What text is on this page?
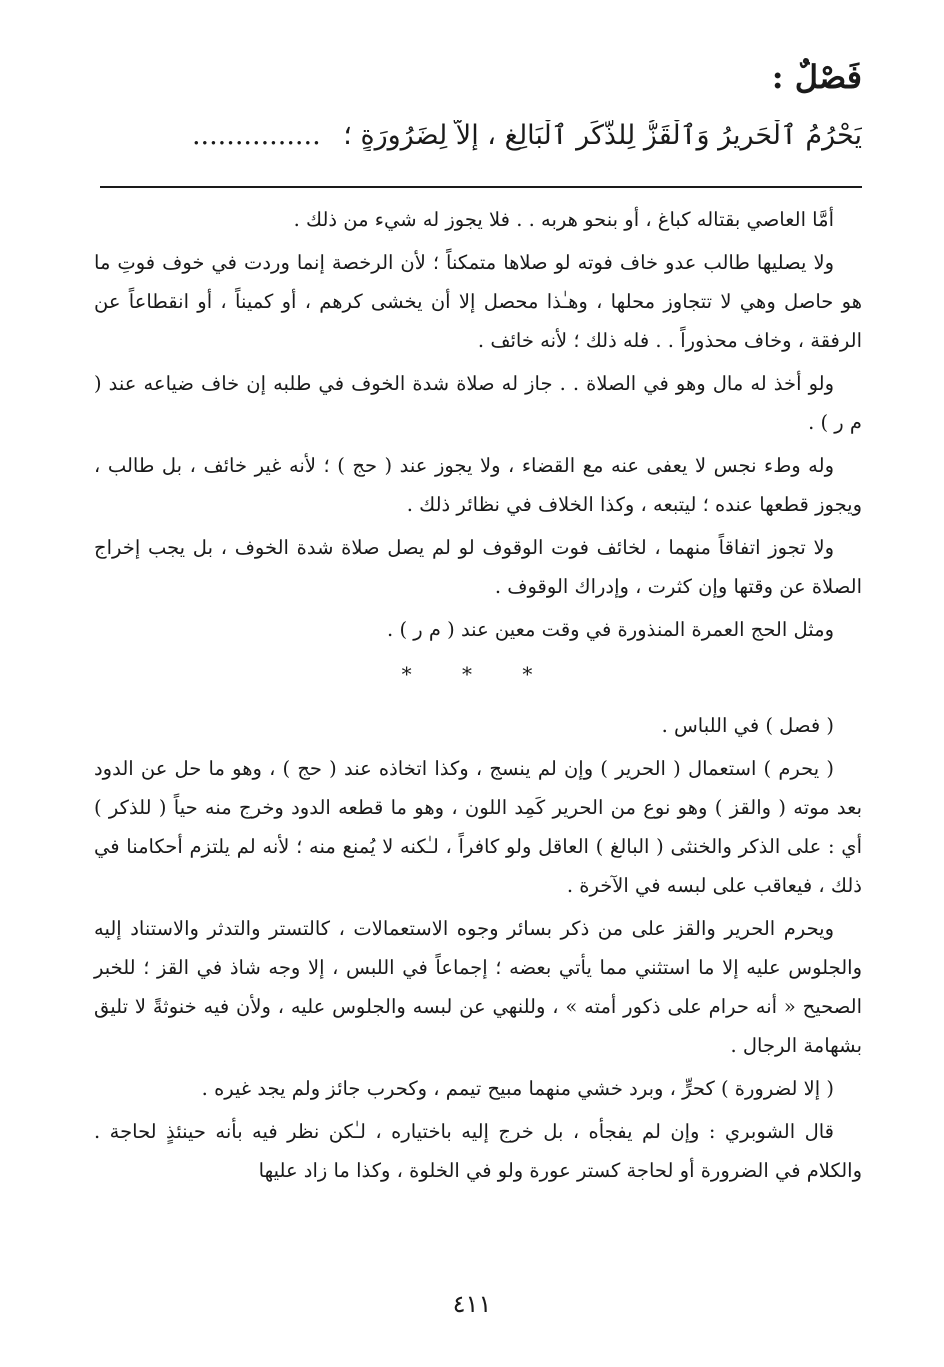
فَصْلٌ :
يَحْرُمُ ٱلْحَرِيرُ وَٱلْقَزُّ لِلذَّكَرِ ٱلْبَالِغِ ، إِلاَّ لِضَرُورَةٍ ؛ ...............

أمَّا العاصي بقتاله كباغ ، أو بنحو هربه . . فلا يجوز له شيء من ذلك .

ولا يصليها طالب عدو خاف فوته لو صلاها متمكناً ؛ لأن الرخصة إنما وردت في خوف فوتِ ما هو حاصل وهي لا تتجاوز محلها ، وهـٰذا محصل إلا أن يخشى كرهم ، أو كميناً ، أو انقطاعاً عن الرفقة ، وخاف محذوراً . . فله ذلك ؛ لأنه خائف .

ولو أخذ له مال وهو في الصلاة . . جاز له صلاة شدة الخوف في طلبه إن خاف ضياعه عند ( م ر ) .

وله وطء نجس لا يعفى عنه مع القضاء ، ولا يجوز عند ( حج ) ؛ لأنه غير خائف ، بل طالب ، ويجوز قطعها عنده ؛ ليتبعه ، وكذا الخلاف في نظائر ذلك .

ولا تجوز اتفاقاً منهما ، لخائف فوت الوقوف لو لم يصل صلاة شدة الخوف ، بل يجب إخراج الصلاة عن وقتها وإن كثرت ، وإدراك الوقوف .

ومثل الحج العمرة المنذورة في وقت معين عند ( م ر ) .

* * *

( فصل ) في اللباس .

( يحرم ) استعمال ( الحرير ) وإن لم ينسج ، وكذا اتخاذه عند ( حج ) ، وهو ما حل عن الدود بعد موته ( والقز ) وهو نوع من الحرير كَمِد اللون ، وهو ما قطعه الدود وخرج منه حياً ( للذكر ) أي : على الذكر والخنثى ( البالغ ) العاقل ولو كافراً ، لـٰكنه لا يُمنع منه ؛ لأنه لم يلتزم أحكامنا في ذلك ، فيعاقب على لبسه في الآخرة .

ويحرم الحرير والقز على من ذكر بسائر وجوه الاستعمالات ، كالتستر والتدثر والاستناد إليه والجلوس عليه إلا ما استثني مما يأتي بعضه ؛ إجماعاً في اللبس ، إلا وجه شاذ في القز ؛ للخبر الصحيح « أنه حرام على ذكور أمته » ، وللنهي عن لبسه والجلوس عليه ، ولأن فيه خنوثةً لا تليق بشهامة الرجال .

( إلا لضرورة ) كحرٍّ ، وبرد خشي منهما مبيح تيمم ، وكحرب جائز ولم يجد غيره .

قال الشوبري : وإن لم يفجأه ، بل خرج إليه باختياره ، لـٰكن نظر فيه بأنه حينئذٍ لحاجة . والكلام في الضرورة أو لحاجة كستر عورة ولو في الخلوة ، وكذا ما زاد عليها

٤١١
